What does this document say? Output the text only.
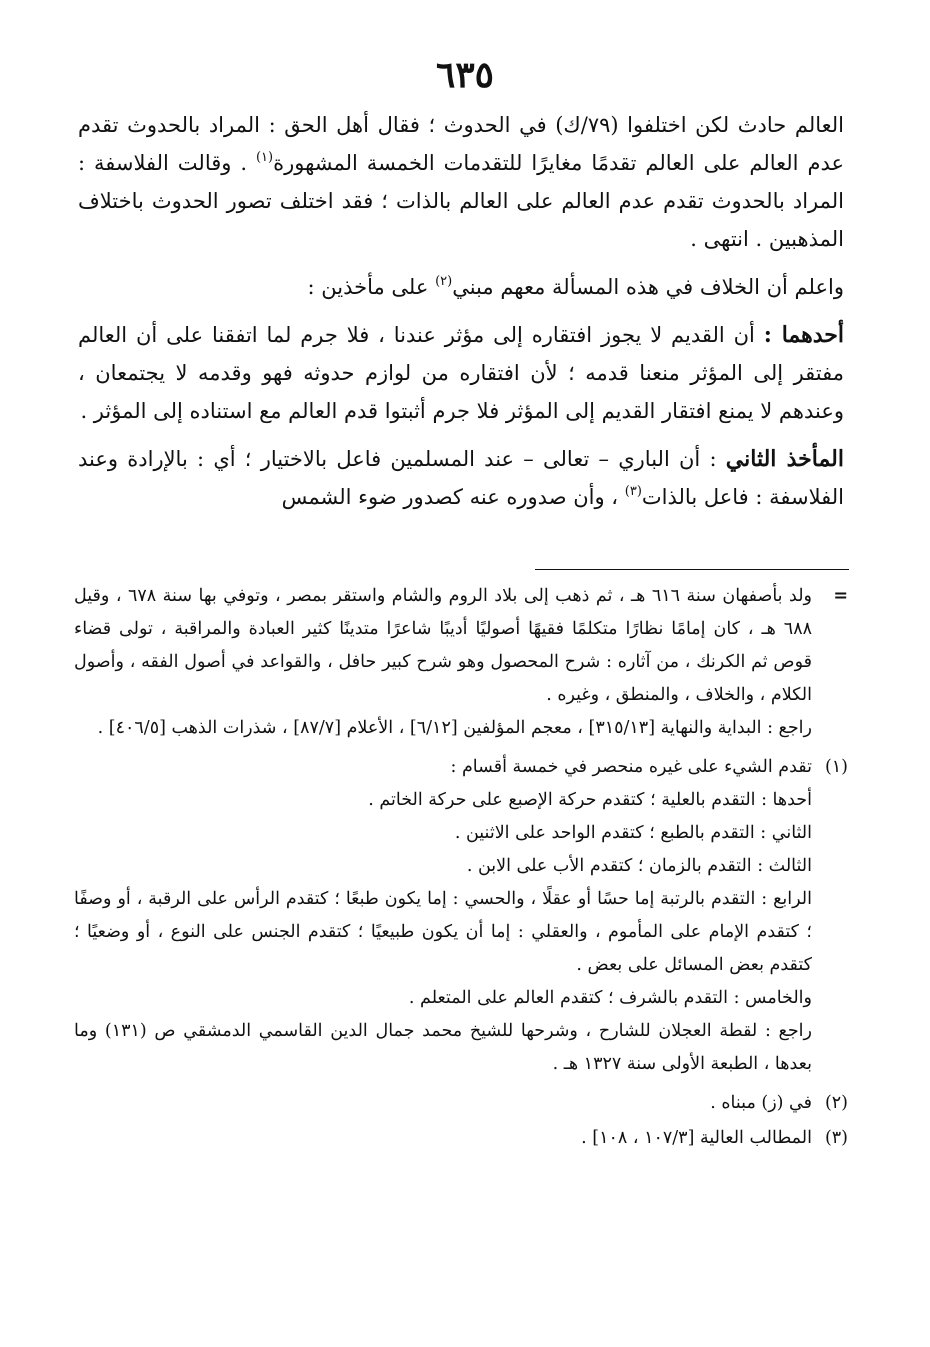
٦٣٥

العالم حادث لكن اختلفوا (٧٩/ك) في الحدوث ؛ فقال أهل الحق : المراد بالحدوث تقدم عدم العالم على العالم تقدمًا مغايرًا للتقدمات الخمسة المشهورة$^{(١)}$ . وقالت الفلاسفة : المراد بالحدوث تقدم عدم العالم على العالم بالذات ؛ فقد اختلف تصور الحدوث باختلاف المذهبين . انتهى .

واعلم أن الخلاف في هذه المسألة معهم مبني$^{(٢)}$ على مأخذين :

أحدهما : أن القديم لا يجوز افتقاره إلى مؤثر عندنا ، فلا جرم لما اتفقنا على أن العالم مفتقر إلى المؤثر منعنا قدمه ؛ لأن افتقاره من لوازم حدوثه فهو وقدمه لا يجتمعان ، وعندهم لا يمنع افتقار القديم إلى المؤثر فلا جرم أثبتوا قدم العالم مع استناده إلى المؤثر .

المأخذ الثاني : أن الباري – تعالى – عند المسلمين فاعل بالاختيار ؛ أي : بالإرادة وعند الفلاسفة : فاعل بالذات$^{(٣)}$ ، وأن صدوره عنه كصدور ضوء الشمس

=ولد بأصفهان سنة ٦١٦ هـ ، ثم ذهب إلى بلاد الروم والشام واستقر بمصر ، وتوفي بها سنة ٦٧٨ ، وقيل ٦٨٨ هـ ، كان إمامًا نظارًا متكلمًا فقيهًا أصوليًا أديبًا شاعرًا متدينًا كثير العبادة والمراقبة ، تولى قضاء قوص ثم الكرنك ، من آثاره : شرح المحصول وهو شرح كبير حافل ، والقواعد في أصول الفقه ، وأصول الكلام ، والخلاف ، والمنطق ، وغيره .

راجع : البداية والنهاية [٣١٥/١٣] ، معجم المؤلفين [٦/١٢] ، الأعلام [٨٧/٧] ، شذرات الذهب [٤٠٦/٥] .

(١)تقدم الشيء على غيره منحصر في خمسة أقسام :

أحدها : التقدم بالعلية ؛ كتقدم حركة الإصبع على حركة الخاتم .

الثاني : التقدم بالطبع ؛ كتقدم الواحد على الاثنين .

الثالث : التقدم بالزمان ؛ كتقدم الأب على الابن .

الرابع : التقدم بالرتبة إما حسًا أو عقلًا ، والحسي : إما يكون طبعًا ؛ كتقدم الرأس على الرقبة ، أو وصفًا ؛ كتقدم الإمام على المأموم ، والعقلي : إما أن يكون طبيعيًا ؛ كتقدم الجنس على النوع ، أو وضعيًا ؛ كتقدم بعض المسائل على بعض .

والخامس : التقدم بالشرف ؛ كتقدم العالم على المتعلم .

راجع : لقطة العجلان للشارح ، وشرحها للشيخ محمد جمال الدين القاسمي الدمشقي ص (١٣١) وما بعدها ، الطبعة الأولى سنة ١٣٢٧ هـ .

(٢)في (ز) مبناه .

(٣)المطالب العالية [١٠٧/٣ ، ١٠٨] .
